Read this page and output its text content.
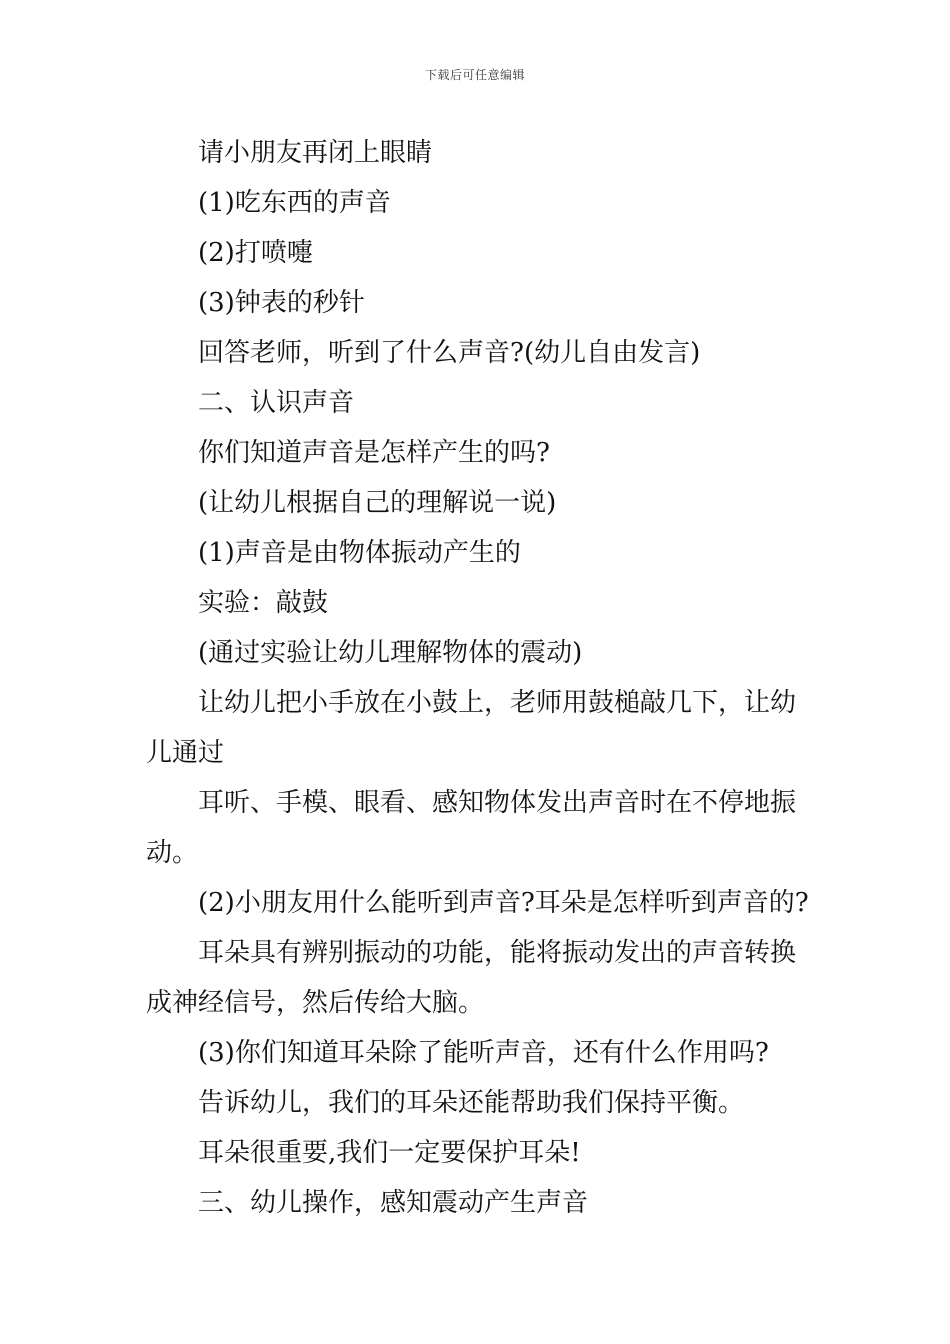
下载后可任意编辑

请小朋友再闭上眼睛

(1)吃东西的声音

(2)打喷嚏

(3)钟表的秒针

回答老师，听到了什么声音?(幼儿自由发言)

二、认识声音

你们知道声音是怎样产生的吗?

(让幼儿根据自己的理解说一说)

(1)声音是由物体振动产生的

实验：敲鼓

(通过实验让幼儿理解物体的震动)

让幼儿把小手放在小鼓上，老师用鼓槌敲几下，让幼儿通过

耳听、手模、眼看、感知物体发出声音时在不停地振动。

(2)小朋友用什么能听到声音?耳朵是怎样听到声音的?

耳朵具有辨别振动的功能，能将振动发出的声音转换成神经信号，然后传给大脑。

(3)你们知道耳朵除了能听声音，还有什么作用吗?

告诉幼儿，我们的耳朵还能帮助我们保持平衡。

耳朵很重要,我们一定要保护耳朵!

三、幼儿操作，感知震动产生声音
